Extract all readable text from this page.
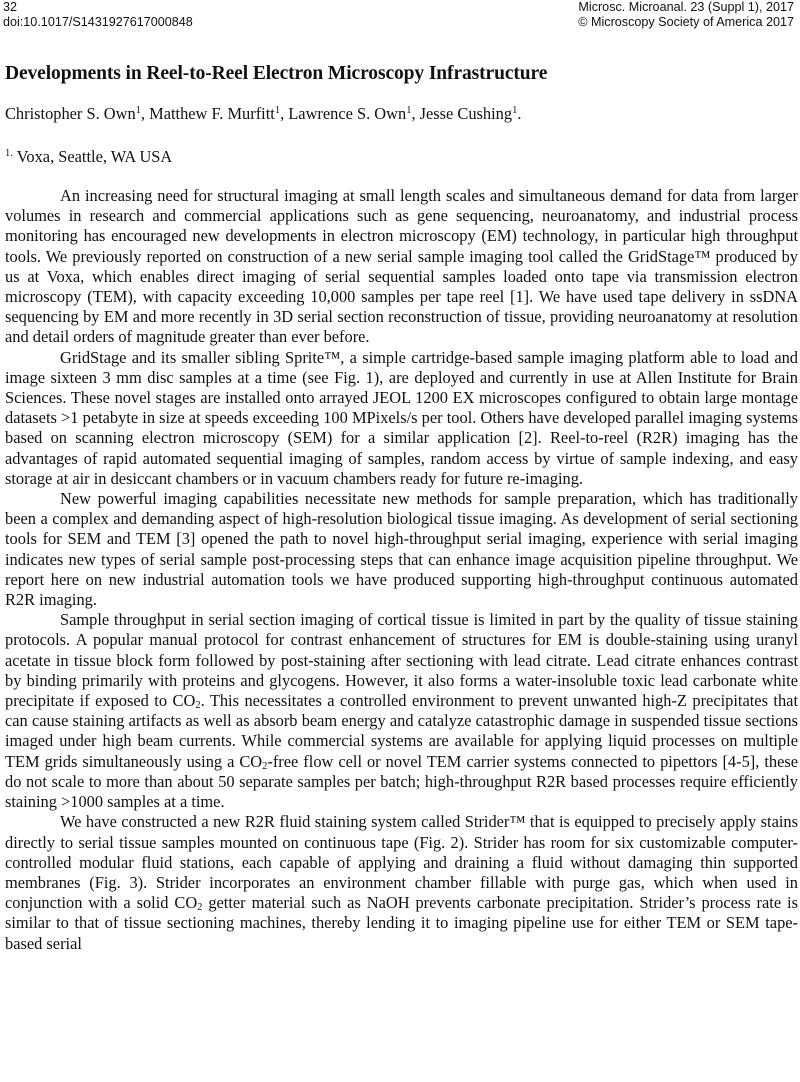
32	Microsc. Microanal. 23 (Suppl 1), 2017
doi:10.1017/S1431927617000848	© Microscopy Society of America 2017
Developments in Reel-to-Reel Electron Microscopy Infrastructure
Christopher S. Own$^1$, Matthew F. Murfitt$^1$, Lawrence S. Own$^1$, Jesse Cushing$^1$.
$^{1.}$ Voxa, Seattle, WA USA

An increasing need for structural imaging at small length scales and simultaneous demand for data from larger volumes in research and commercial applications such as gene sequencing, neuroanatomy, and industrial process monitoring has encouraged new developments in electron microscopy (EM) technology, in particular high throughput tools. We previously reported on construction of a new serial sample imaging tool called the GridStage™ produced by us at Voxa, which enables direct imaging of serial sequential samples loaded onto tape via transmission electron microscopy (TEM), with capacity exceeding 10,000 samples per tape reel [1]. We have used tape delivery in ssDNA sequencing by EM and more recently in 3D serial section reconstruction of tissue, providing neuroanatomy at resolution and detail orders of magnitude greater than ever before.

GridStage and its smaller sibling Sprite™, a simple cartridge-based sample imaging platform able to load and image sixteen 3 mm disc samples at a time (see Fig. 1), are deployed and currently in use at Allen Institute for Brain Sciences. These novel stages are installed onto arrayed JEOL 1200 EX microscopes configured to obtain large montage datasets >1 petabyte in size at speeds exceeding 100 MPixels/s per tool. Others have developed parallel imaging systems based on scanning electron microscopy (SEM) for a similar application [2]. Reel-to-reel (R2R) imaging has the advantages of rapid automated sequential imaging of samples, random access by virtue of sample indexing, and easy storage at air in desiccant chambers or in vacuum chambers ready for future re-imaging.

New powerful imaging capabilities necessitate new methods for sample preparation, which has traditionally been a complex and demanding aspect of high-resolution biological tissue imaging. As development of serial sectioning tools for SEM and TEM [3] opened the path to novel high-throughput serial imaging, experience with serial imaging indicates new types of serial sample post-processing steps that can enhance image acquisition pipeline throughput. We report here on new industrial automation tools we have produced supporting high-throughput continuous automated R2R imaging.

Sample throughput in serial section imaging of cortical tissue is limited in part by the quality of tissue staining protocols. A popular manual protocol for contrast enhancement of structures for EM is double-staining using uranyl acetate in tissue block form followed by post-staining after sectioning with lead citrate. Lead citrate enhances contrast by binding primarily with proteins and glycogens. However, it also forms a water-insoluble toxic lead carbonate white precipitate if exposed to $CO_2$. This necessitates a controlled environment to prevent unwanted high-Z precipitates that can cause staining artifacts as well as absorb beam energy and catalyze catastrophic damage in suspended tissue sections imaged under high beam currents. While commercial systems are available for applying liquid processes on multiple TEM grids simultaneously using a $CO_2$-free flow cell or novel TEM carrier systems connected to pipettors [4-5], these do not scale to more than about 50 separate samples per batch; high-throughput R2R based processes require efficiently staining >1000 samples at a time.

We have constructed a new R2R fluid staining system called Strider™ that is equipped to precisely apply stains directly to serial tissue samples mounted on continuous tape (Fig. 2). Strider has room for six customizable computer-controlled modular fluid stations, each capable of applying and draining a fluid without damaging thin supported membranes (Fig. 3). Strider incorporates an environment chamber fillable with purge gas, which when used in conjunction with a solid $CO_2$ getter material such as NaOH prevents carbonate precipitation. Strider’s process rate is similar to that of tissue sectioning machines, thereby lending it to imaging pipeline use for either TEM or SEM tape-based serial
